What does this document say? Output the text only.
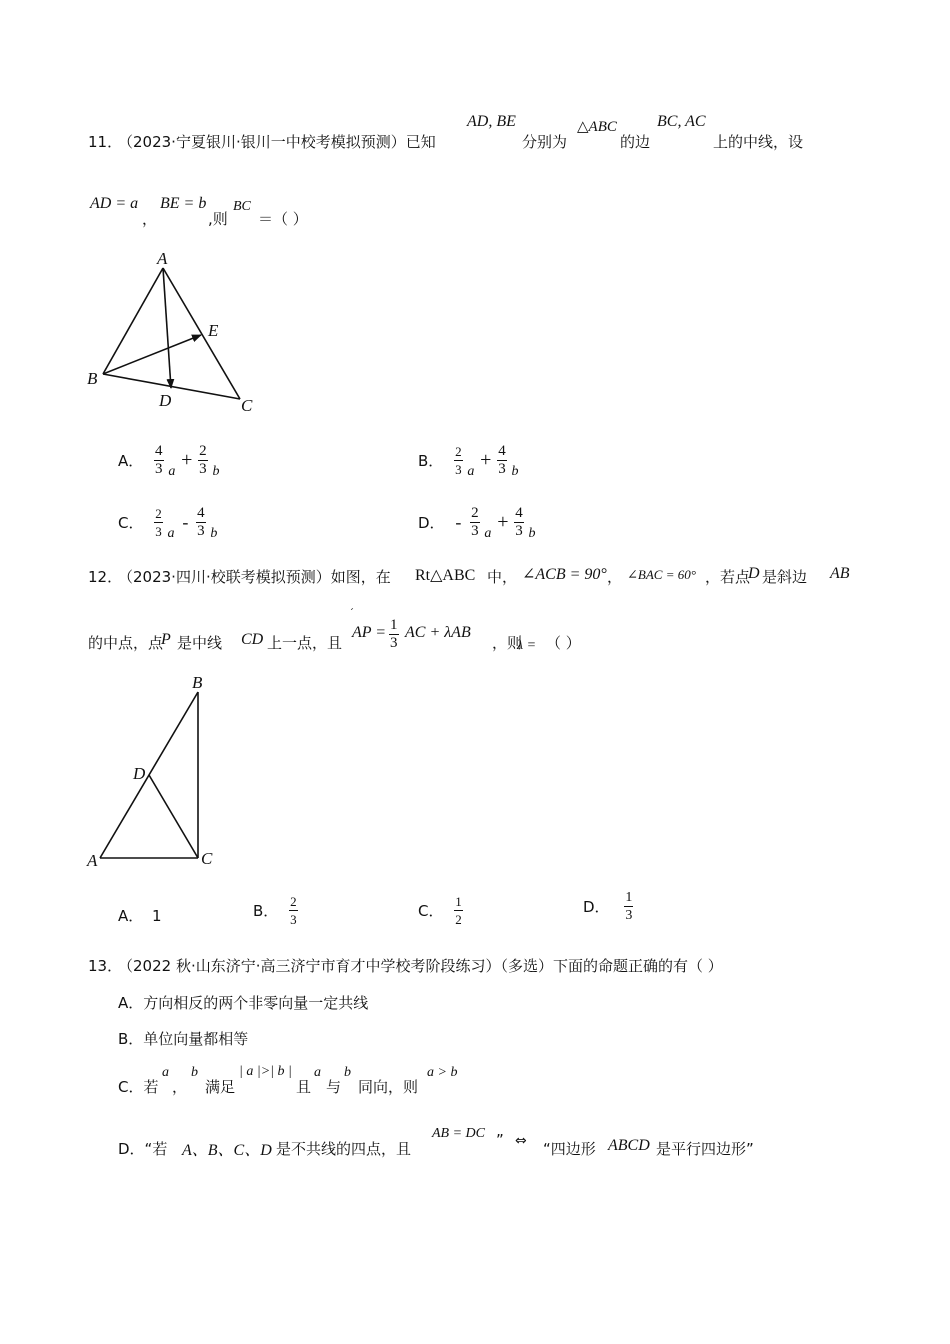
11．
（2023·宁夏银川·银川一中校考模拟预测）已知
AD, BE
分别为
△ABC
的边
BC, AC
上的中线，设
AD = a
，
BE = b
,则
BC
＝（ ）
A
E
B
D	C
A． $\frac{4}{3}$ $a + \frac{2}{3}$ b
B． $\frac{2}{3}$ $a + \frac{4}{3}$ b
C． $\frac{2}{3}$ a - $\frac{4}{3}$ b
D． - $\frac{2}{3}$ $a + \frac{4}{3}$ b
12．
（2023·四川·校联考模拟预测）如图，在 Rt△ABC 中， ∠ACB = 90° ， ∠BAC = 60° ，若点
D 是斜边 AB
的中点，点
P 是中线 CD 上一点，且
ˊ
AP = $\frac{1}{3}$ AC + λAB
，则
λ = （ ）
B
D
A	C
A． 1	B． $\frac{2}{3}$	C． $\frac{1}{2}$	D． $\frac{1}{3}$
13．
（2022 秋·山东济宁·高三济宁市育才中学校考阶段练习）（多选）下面的命题正确的有（ ）
A．方向相反的两个非零向量一定共线
B．单位向量都相等
C．若
a
，
b
满足
| a |>| b |
且
a
与
b
同向，则
a > b
D．“若 A、B、C、D 是不共线的四点，且
AB = DC ” ⇔ “四边形 ABCD 是平行四边形”
